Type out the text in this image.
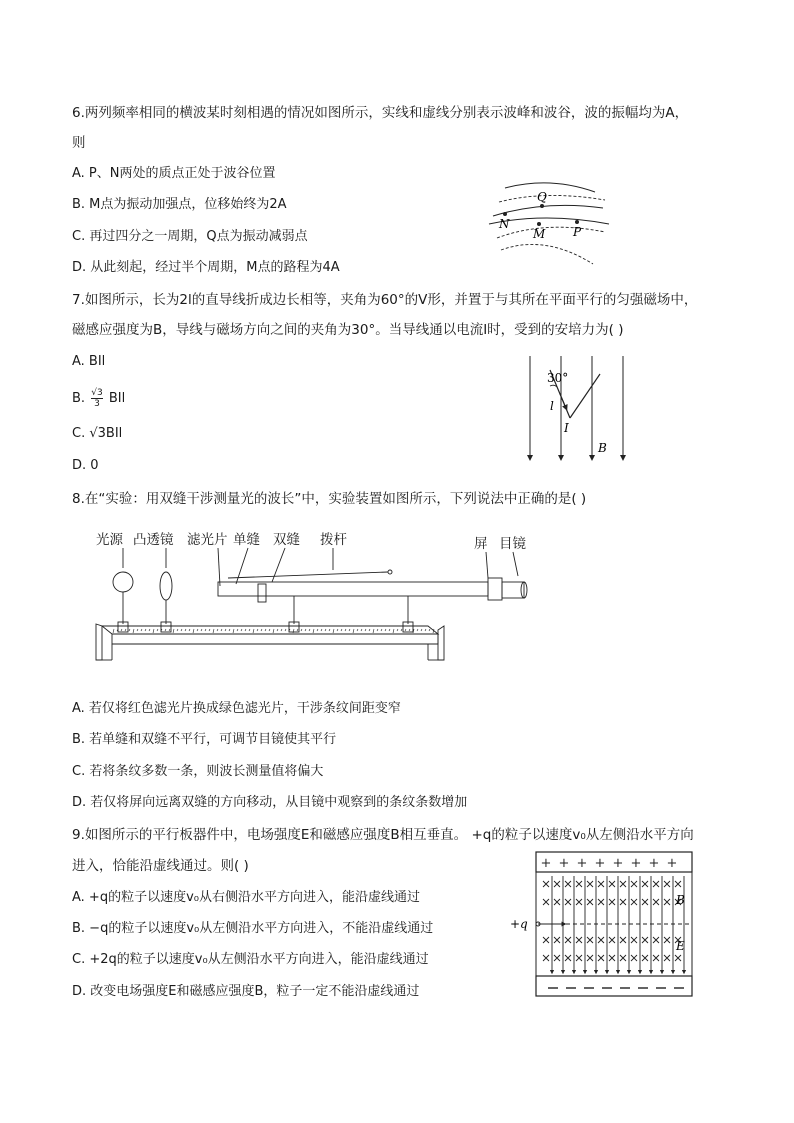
6.两列频率相同的横波某时刻相遇的情况如图所示，实线和虚线分别表示波峰和波谷，波的振幅均为A，
则
A. P、N两处的质点正处于波谷位置
B. M点为振动加强点，位移始终为2A
C. 再过四分之一周期，Q点为振动减弱点
D. 从此刻起，经过半个周期，M点的路程为4A
Q
N
M P
7.如图所示，长为2l的直导线折成边长相等，夹角为60°的V形，并置于与其所在平面平行的匀强磁场中，
磁感应强度为B，导线与磁场方向之间的夹角为30°。当导线通以电流I时，受到的安培力为( )
A. BIl
B. $\frac{√3}{3}$ BIl
C. √3BIl
D. 0
30°
l
I
B
8.在“实验：用双缝干涉测量光的波长”中，实验装置如图所示，下列说法中正确的是( )
光源 凸透镜 滤光片 单缝 双缝 拨杆	屏 目镜
A. 若仅将红色滤光片换成绿色滤光片，干涉条纹间距变窄
B. 若单缝和双缝不平行，可调节目镜使其平行
C. 若将条纹多数一条，则波长测量值将偏大
D. 若仅将屏向远离双缝的方向移动，从目镜中观察到的条纹条数增加
9.如图所示的平行板器件中，电场强度E和磁感应强度B相互垂直。 +q的粒子以速度v₀从左侧沿水平方向
进入，恰能沿虚线通过。则( )
A. +q的粒子以速度v₀从右侧沿水平方向进入，能沿虚线通过
B. −q的粒子以速度v₀从左侧沿水平方向进入，不能沿虚线通过
C. +2q的粒子以速度v₀从左侧沿水平方向进入，能沿虚线通过
D. 改变电场强度E和磁感应强度B，粒子一定不能沿虚线通过
+ + + + + + + +
+q
B
E
